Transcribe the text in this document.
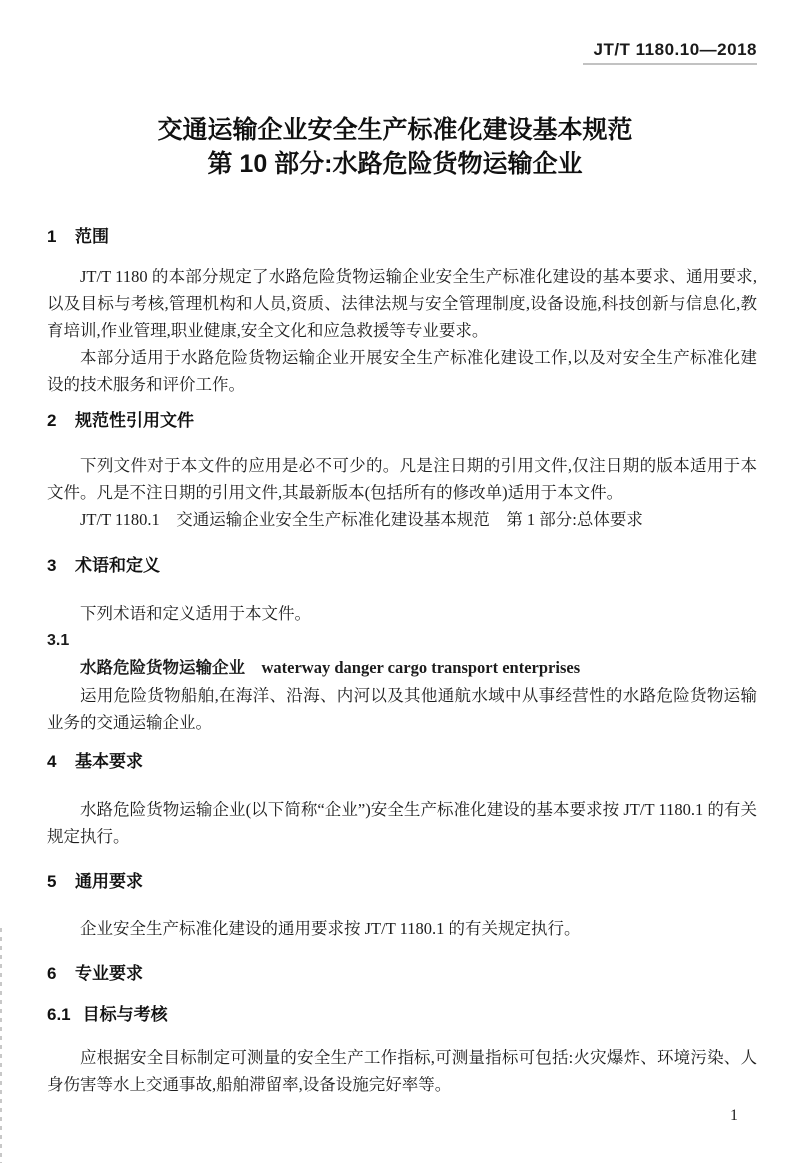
JT/T 1180.10—2018
交通运输企业安全生产标准化建设基本规范
第 10 部分:水路危险货物运输企业
1 范围

JT/T 1180 的本部分规定了水路危险货物运输企业安全生产标准化建设的基本要求、通用要求,以及目标与考核,管理机构和人员,资质、法律法规与安全管理制度,设备设施,科技创新与信息化,教育培训,作业管理,职业健康,安全文化和应急救援等专业要求。

本部分适用于水路危险货物运输企业开展安全生产标准化建设工作,以及对安全生产标准化建设的技术服务和评价工作。

2 规范性引用文件

下列文件对于本文件的应用是必不可少的。凡是注日期的引用文件,仅注日期的版本适用于本文件。凡是不注日期的引用文件,其最新版本(包括所有的修改单)适用于本文件。

JT/T 1180.1　交通运输企业安全生产标准化建设基本规范　第 1 部分:总体要求

3 术语和定义

下列术语和定义适用于本文件。

3.1

水路危险货物运输企业 waterway danger cargo transport enterprises

运用危险货物船舶,在海洋、沿海、内河以及其他通航水域中从事经营性的水路危险货物运输业务的交通运输企业。

4 基本要求

水路危险货物运输企业(以下简称“企业”)安全生产标准化建设的基本要求按 JT/T 1180.1 的有关规定执行。

5 通用要求

企业安全生产标准化建设的通用要求按 JT/T 1180.1 的有关规定执行。

6 专业要求
6.1 目标与考核

应根据安全目标制定可测量的安全生产工作指标,可测量指标可包括:火灾爆炸、环境污染、人身伤害等水上交通事故,船舶滞留率,设备设施完好率等。

1
